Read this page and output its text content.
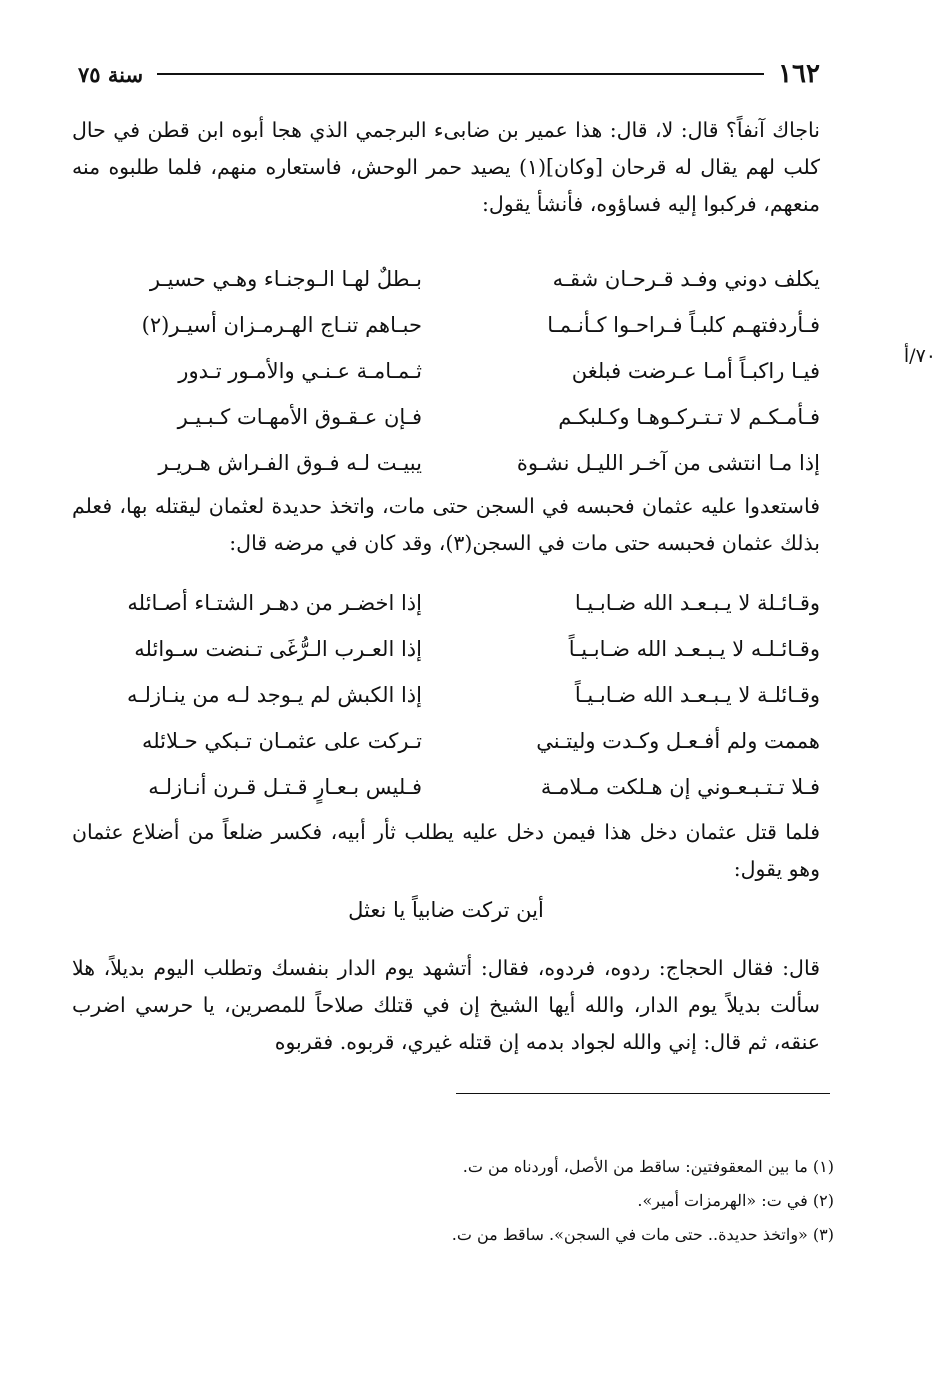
١٦٢
سنة ٧٥

ناجاك آنفاً؟ قال: لا، قال: هذا عمير بن ضابىء البرجمي الذي هجا أبوه ابن قطن في حال كلب لهم يقال له قرحان [وكان](١) يصيد حمر الوحش، فاستعاره منهم، فلما طلبوه منه منعهم، فركبوا إليه فساؤوه، فأنشأ يقول:

يكلف دوني وفـد قـرحـان شقـه
بـطلٌ لهـا الـوجنـاء وهـي حسيـر
فـأردفتهـم كلبـاً فـراحـوا كـأنـمـا
حبـاهم تنـاج الهـرمـزان أسيـر(٢)
فيـا راكبـاً أمـا عـرضت فبلغن
ثـمـامـة عـنـي والأمـور تـدور
فـأمـكـم لا تـتـركـوهـا وكـلبكـم
فـإن عـقـوق الأمهـات كـبـيـر
إذا مـا انتشى من آخـر الليـل نشـوة
يبيـت لـه فـوق الفـراش هـريـر
٧٠/أ

فاستعدوا عليه عثمان فحبسه في السجن حتى مات، واتخذ حديدة لعثمان ليقتله بها، فعلم بذلك عثمان فحبسه حتى مات في السجن(٣)، وقد كان في مرضه قال:

وقـائـلة لا يـبـعـد الله ضـابـيـا
إذا اخضـر من دهـر الشتـاء أصـائله
وقـائـلـه لا يـبـعـد الله ضـابـيـاً
إذا العـرب الـرُّغَى تـنضت سـوائله
وقـائلـة لا يـبـعـد الله ضـابـيـاً
إذا الكبش لم يـوجد لـه من ينـازلـه
هممت ولم أفـعـل وكـدت وليتـني
تـركت على عثمـان تـبكي حـلائله
فـلا تـتـبـعـوني إن هـلكت مـلامـة
فـليس بـعـارٍ قـتـل قـرن أنـازلـه

فلما قتل عثمان دخل هذا فيمن دخل عليه يطلب ثأر أبيه، فكسر ضلعاً من أضلاع عثمان وهو يقول:

أين تركت ضابياً يا نعثل

قال: فقال الحجاج: ردوه، فردوه، فقال: أتشهد يوم الدار بنفسك وتطلب اليوم بديلاً، هلا سألت بديلاً يوم الدار، والله أيها الشيخ إن في قتلك صلاحاً للمصرين، يا حرسي اضرب عنقه، ثم قال: إني والله لجواد بدمه إن قتله غيري، قربوه. فقربوه

(١) ما بين المعقوفتين: ساقط من الأصل، أوردناه من ت.
(٢) في ت: «الهرمزات أمير».
(٣) «واتخذ حديدة.. حتى مات في السجن». ساقط من ت.
